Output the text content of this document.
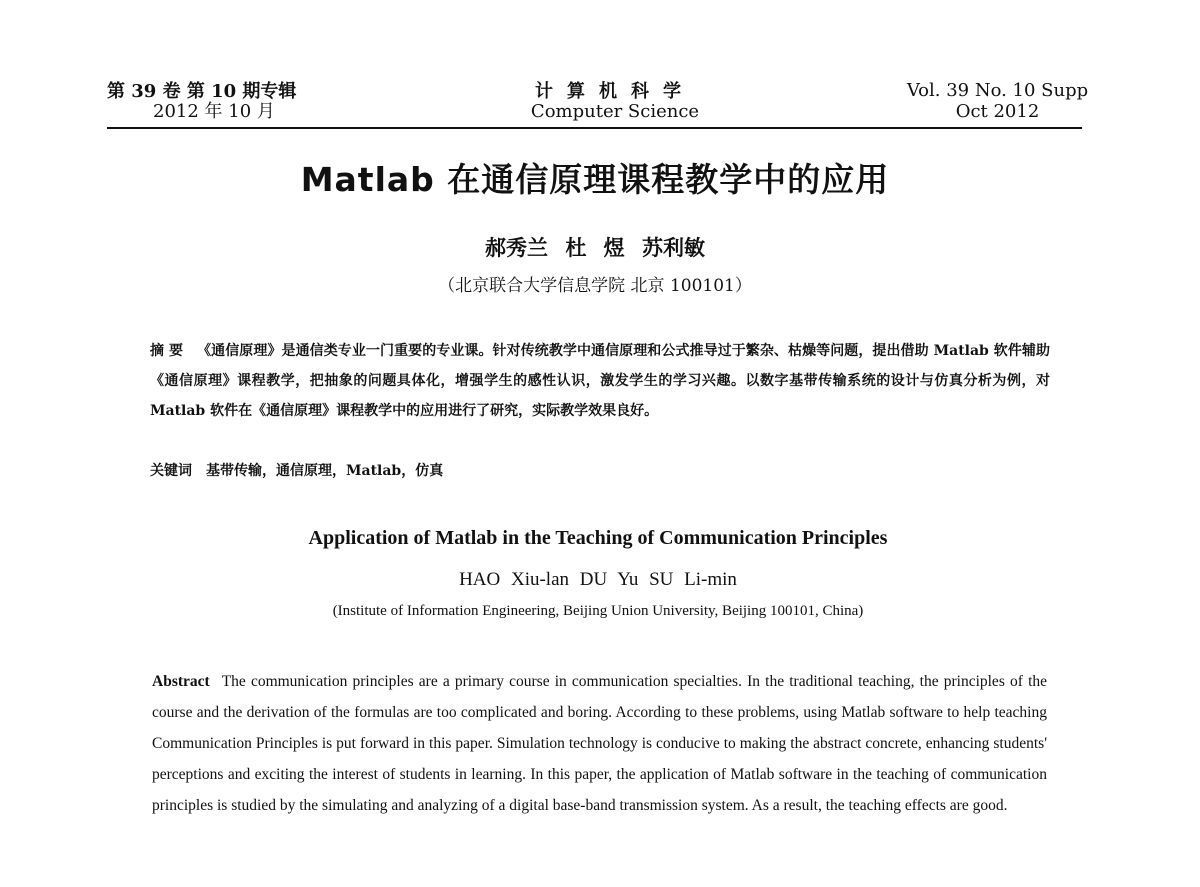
第 39 卷 第 10 期专辑
2012 年 10 月
计算机科学
Computer Science
Vol. 39 No. 10 Supp
Oct 2012
Matlab 在通信原理课程教学中的应用
郝秀兰 杜 煜 苏利敏
（北京联合大学信息学院 北京 100101）
摘 要 《通信原理》是通信类专业一门重要的专业课。针对传统教学中通信原理和公式推导过于繁杂、枯燥等问题，提出借助 Matlab 软件辅助《通信原理》课程教学，把抽象的问题具体化，增强学生的感性认识，激发学生的学习兴趣。以数字基带传输系统的设计与仿真分析为例，对 Matlab 软件在《通信原理》课程教学中的应用进行了研究，实际教学效果良好。
关键词 基带传输，通信原理，Matlab，仿真
Application of Matlab in the Teaching of Communication Principles
HAO Xiu-lan DU Yu SU Li-min
(Institute of Information Engineering, Beijing Union University, Beijing 100101, China)
Abstract The communication principles are a primary course in communication specialties. In the traditional teaching, the principles of the course and the derivation of the formulas are too complicated and boring. According to these problems, using Matlab software to help teaching Communication Principles is put forward in this paper. Simulation technology is conducive to making the abstract concrete, enhancing students' perceptions and exciting the interest of students in learning. In this paper, the application of Matlab software in the teaching of communication principles is studied by the simulating and analyzing of a digital base-band transmission system. As a result, the teaching effects are good.
